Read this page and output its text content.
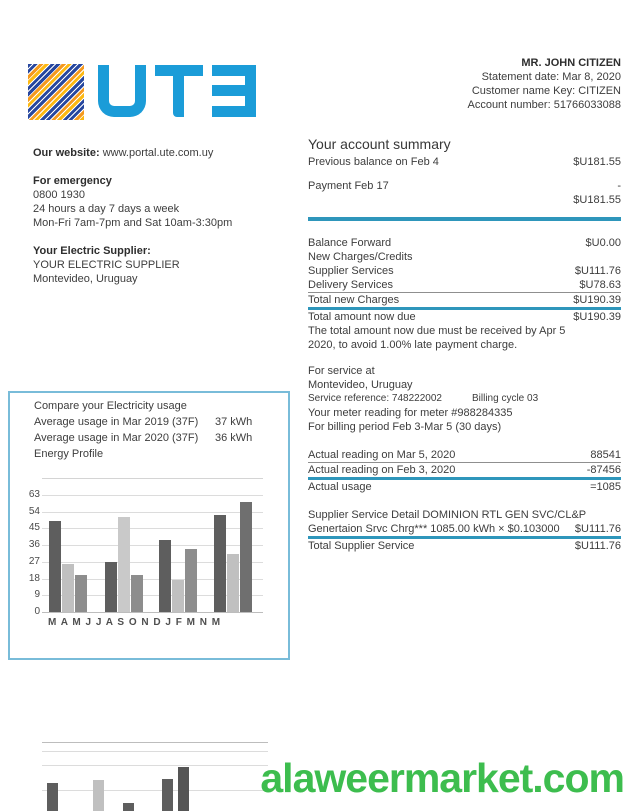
Our website: www.portal.ute.com.uy
For emergency
0800 1930
24 hours a day 7 days a week
Mon-Fri 7am-7pm and Sat 10am-3:30pm
Your Electric Supplier:
YOUR ELECTRIC SUPPLIER
Montevideo, Uruguay
MR. JOHN CITIZEN
Statement date: Mar 8, 2020
Customer name Key: CITIZEN
Account number: 51766033088
Your account summary
Previous balance on Feb 4	$U181.55
Payment Feb 17	-
$U181.55
Balance Forward	$U0.00
New Charges/Credits
Supplier Services	$U111.76
Delivery Services	$U78.63
Total new Charges	$U190.39
Total amount now due	$U190.39
The total amount now due must be received by Apr 5 2020, to avoid 1.00% late payment charge.
For service at
Montevideo, Uruguay
Service reference: 748222002	Billing cycle 03
Your meter reading for meter #988284335
For billing period Feb 3-Mar 5 (30 days)
Actual reading on Mar 5, 2020	88541
Actual reading on Feb 3, 2020	-87456
Actual usage	=1085
Supplier Service Detail DOMINION RTL GEN SVC/CL&P
Genertaion Srvc Chrg*** 1085.00 kWh × $0.103000 $U111.76
Total Supplier Service	$U111.76
Compare your Electricity usage
Average usage in Mar 2019 (37F)	37 kWh
Average usage in Mar 2020 (37F)	36 kWh
Energy Profile
63
54
45
36
27
18
9
0
M A M J J A S O N D J F M N M
alaweermarket.com
